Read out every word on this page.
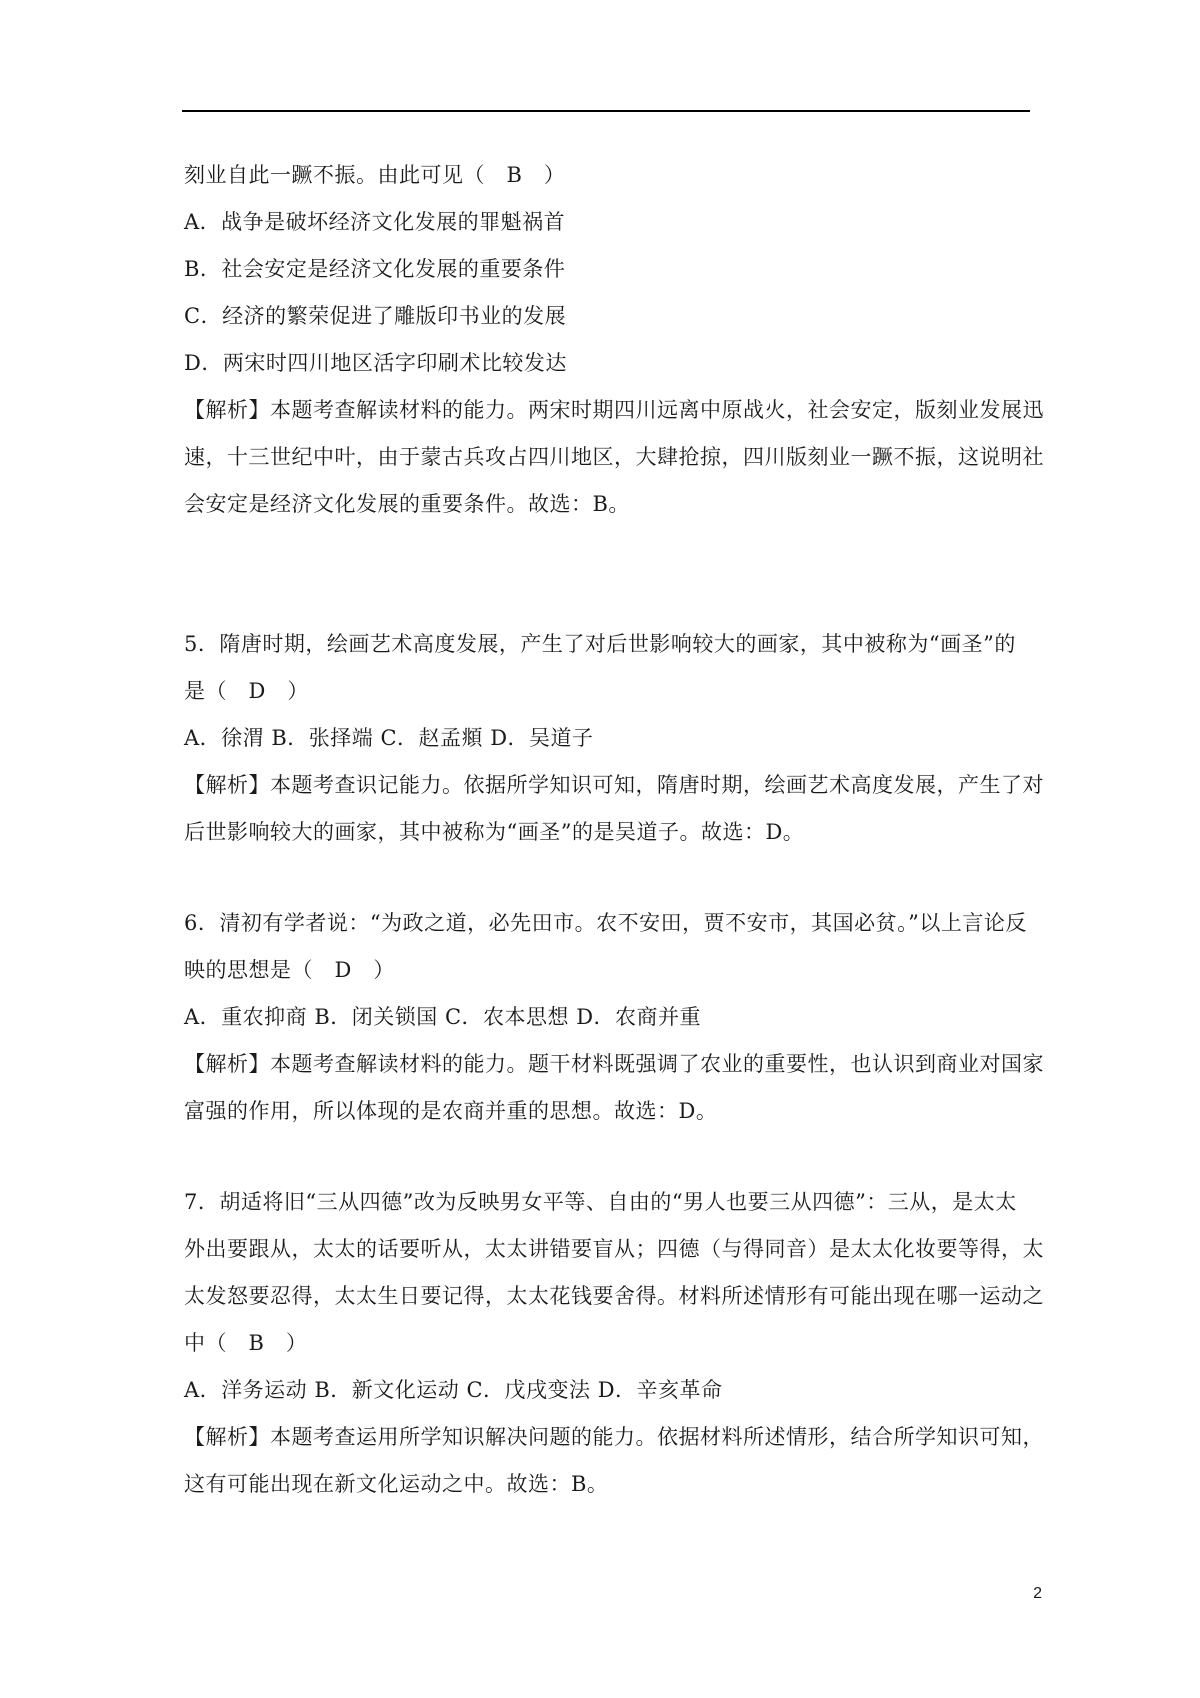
刻业自此一蹶不振。由此可见（　B　）
A．战争是破坏经济文化发展的罪魁祸首
B．社会安定是经济文化发展的重要条件
C．经济的繁荣促进了雕版印书业的发展
D．两宋时四川地区活字印刷术比较发达
【解析】本题考查解读材料的能力。两宋时期四川远离中原战火，社会安定，版刻业发展迅
速，十三世纪中叶，由于蒙古兵攻占四川地区，大肆抢掠，四川版刻业一蹶不振，这说明社
会安定是经济文化发展的重要条件。故选：B。
5．隋唐时期，绘画艺术高度发展，产生了对后世影响较大的画家，其中被称为“画圣”的
是（　D　）
A．徐渭 B．张择端 C．赵孟頫 D．吴道子
【解析】本题考查识记能力。依据所学知识可知，隋唐时期，绘画艺术高度发展，产生了对
后世影响较大的画家，其中被称为“画圣”的是吴道子。故选：D。
6．清初有学者说：“为政之道，必先田市。农不安田，贾不安市，其国必贫。”以上言论反
映的思想是（　D　）
A．重农抑商 B．闭关锁国 C．农本思想 D．农商并重
【解析】本题考查解读材料的能力。题干材料既强调了农业的重要性，也认识到商业对国家
富强的作用，所以体现的是农商并重的思想。故选：D。
7．胡适将旧“三从四德”改为反映男女平等、自由的“男人也要三从四德”：三从，是太太
外出要跟从，太太的话要听从，太太讲错要盲从；四德（与得同音）是太太化妆要等得，太
太发怒要忍得，太太生日要记得，太太花钱要舍得。材料所述情形有可能出现在哪一运动之
中（　B　）
A．洋务运动 B．新文化运动 C．戊戌变法 D．辛亥革命
【解析】本题考查运用所学知识解决问题的能力。依据材料所述情形，结合所学知识可知，
这有可能出现在新文化运动之中。故选：B。
2
